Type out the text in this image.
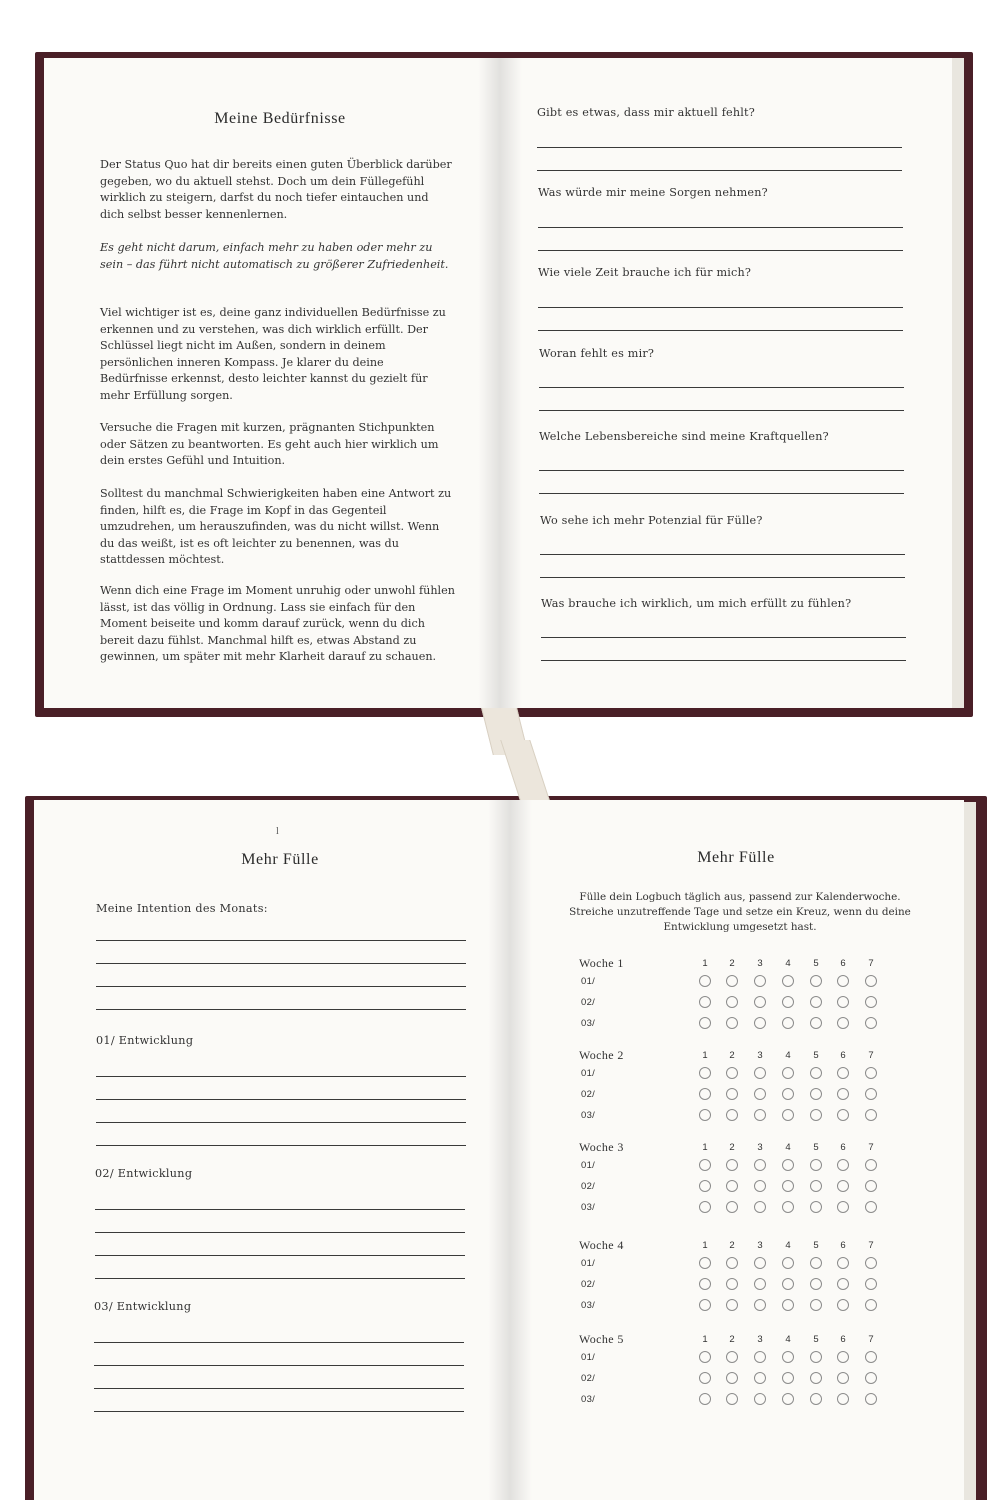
Meine Bedürfnisse
Der Status Quo hat dir bereits einen guten Überblick darüber gegeben, wo du aktuell stehst. Doch um dein Füllegefühl wirklich zu steigern, darfst du noch tiefer eintauchen und dich selbst besser kennenlernen.
Es geht nicht darum, einfach mehr zu haben oder mehr zu sein – das führt nicht automatisch zu größerer Zufriedenheit.
Viel wichtiger ist es, deine ganz individuellen Bedürfnisse zu erkennen und zu verstehen, was dich wirklich erfüllt. Der Schlüssel liegt nicht im Außen, sondern in deinem persönlichen inneren Kompass. Je klarer du deine Bedürfnisse erkennst, desto leichter kannst du gezielt für mehr Erfüllung sorgen.
Versuche die Fragen mit kurzen, prägnanten Stichpunkten oder Sätzen zu beantworten. Es geht auch hier wirklich um dein erstes Gefühl und Intuition.
Solltest du manchmal Schwierigkeiten haben eine Antwort zu finden, hilft es, die Frage im Kopf in das Gegenteil umzudrehen, um herauszufinden, was du nicht willst. Wenn du das weißt, ist es oft leichter zu benennen, was du stattdessen möchtest.
Wenn dich eine Frage im Moment unruhig oder unwohl fühlen lässt, ist das völlig in Ordnung. Lass sie einfach für den Moment beiseite und komm darauf zurück, wenn du dich bereit dazu fühlst. Manchmal hilft es, etwas Abstand zu gewinnen, um später mit mehr Klarheit darauf zu schauen.
Gibt es etwas, dass mir aktuell fehlt?
Was würde mir meine Sorgen nehmen?
Wie viele Zeit brauche ich für mich?
Woran fehlt es mir?
Welche Lebensbereiche sind meine Kraftquellen?
Wo sehe ich mehr Potenzial für Fülle?
Was brauche ich wirklich, um mich erfüllt zu fühlen?
l
Mehr Fülle
Meine Intention des Monats:
01/ Entwicklung
02/ Entwicklung
03/ Entwicklung
Mehr Fülle
Fülle dein Logbuch täglich aus, passend zur Kalenderwoche.
Streiche unzutreffende Tage und setze ein Kreuz, wenn du deine
Entwicklung umgesetzt hast.
Woche 1	1	2	3	4	5	6	7
01/
02/
03/
Woche 2	1	2	3	4	5	6	7
01/
02/
03/
Woche 3	1	2	3	4	5	6	7
01/
02/
03/
Woche 4	1	2	3	4	5	6	7
01/
02/
03/
Woche 5	1	2	3	4	5	6	7
01/
02/
03/
